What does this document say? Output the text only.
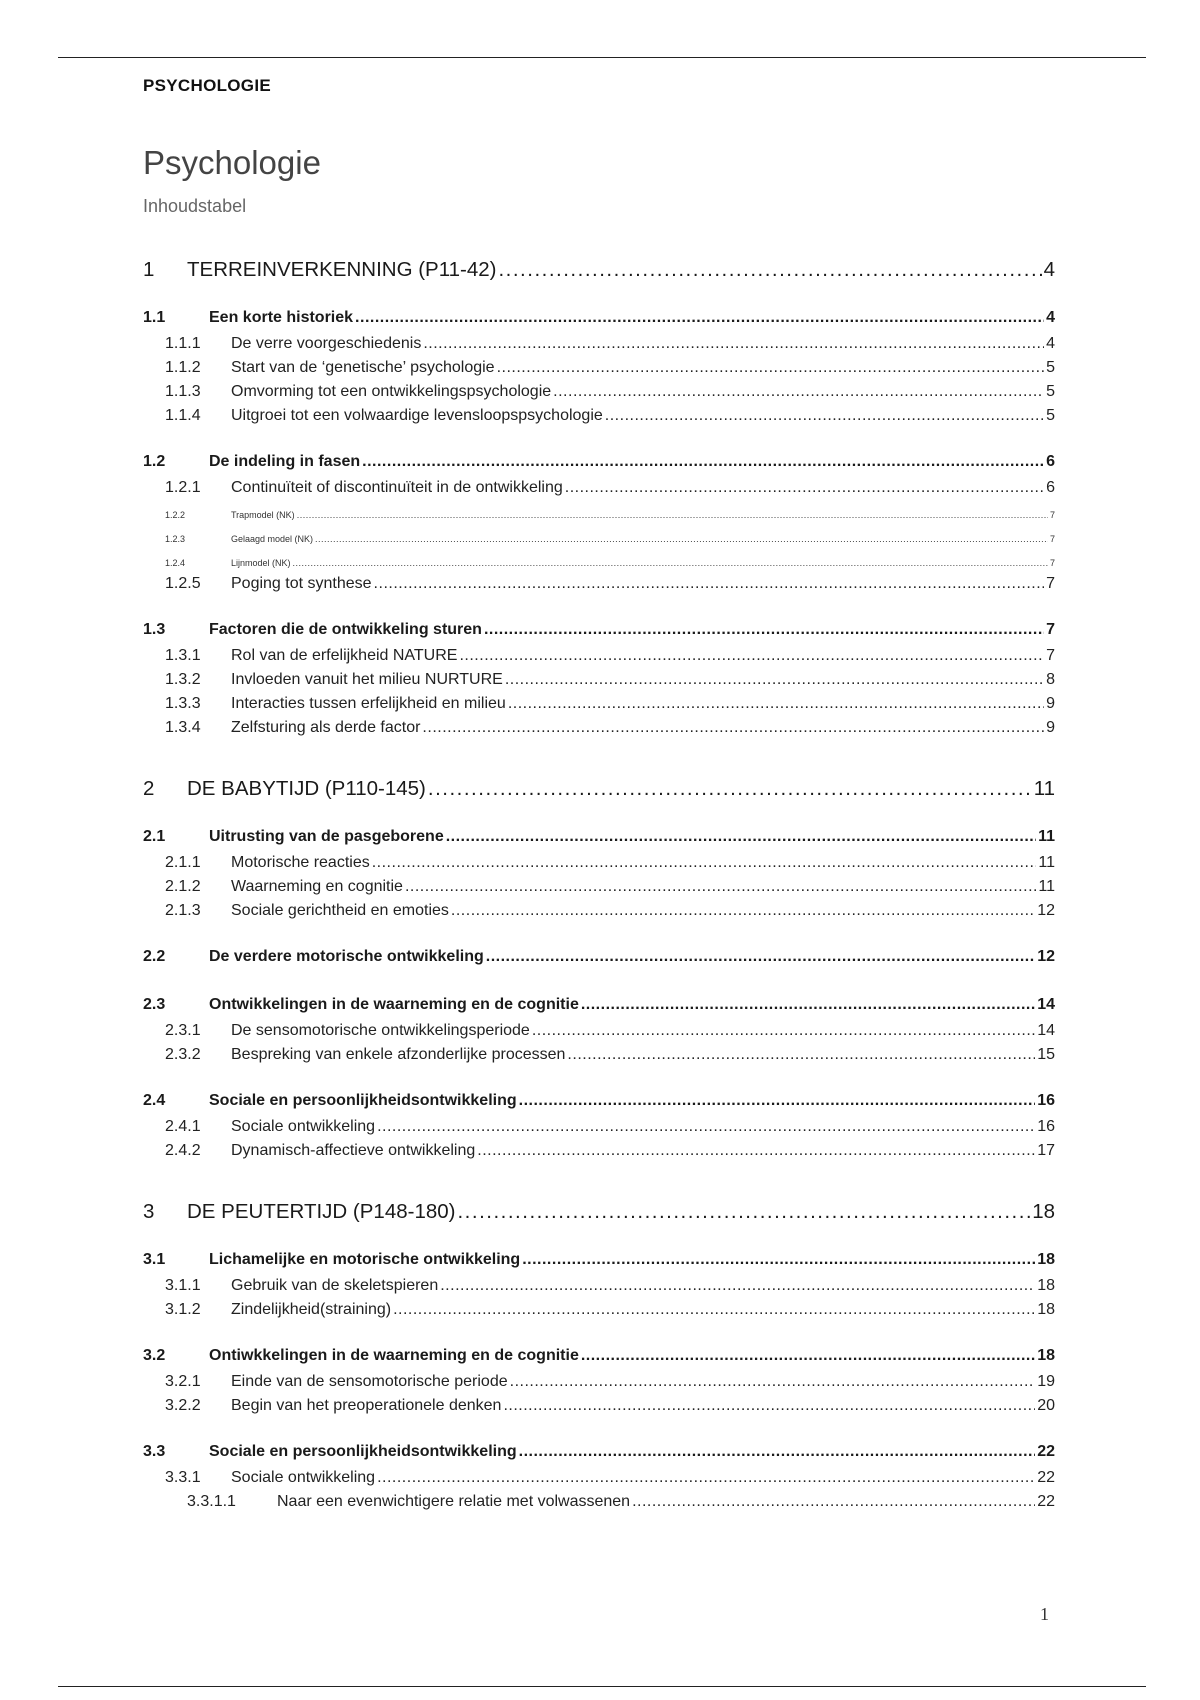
PSYCHOLOGIE
Psychologie
Inhoudstabel
1	TERREINVERKENNING (P11-42) .....	4
1.1	Een korte historiek .....	4
1.1.1	De verre voorgeschiedenis .....	4
1.1.2	Start van de ‘genetische’ psychologie .....	5
1.1.3	Omvorming tot een ontwikkelingspsychologie .....	5
1.1.4	Uitgroei tot een volwaardige levensloopspsychologie .....	5
1.2	De indeling in fasen .....	6
1.2.1	Continuïteit of discontinuïteit in de ontwikkeling .....	6
1.2.2	Trapmodel (NK) .....	7
1.2.3	Gelaagd model (NK) .....	7
1.2.4	Lijnmodel (NK) .....	7
1.2.5	Poging tot synthese .....	7
1.3	Factoren die de ontwikkeling sturen .....	7
1.3.1	Rol van de erfelijkheid NATURE .....	7
1.3.2	Invloeden vanuit het milieu NURTURE .....	8
1.3.3	Interacties tussen erfelijkheid en milieu .....	9
1.3.4	Zelfsturing als derde factor .....	9
2	DE BABYTIJD (P110-145) .....	11
2.1	Uitrusting van de pasgeborene .....	11
2.1.1	Motorische reacties .....	11
2.1.2	Waarneming en cognitie .....	11
2.1.3	Sociale gerichtheid en emoties .....	12
2.2	De verdere motorische ontwikkeling .....	12
2.3	Ontwikkelingen in de waarneming en de cognitie .....	14
2.3.1	De sensomotorische ontwikkelingsperiode .....	14
2.3.2	Bespreking van enkele afzonderlijke processen .....	15
2.4	Sociale en persoonlijkheidsontwikkeling .....	16
2.4.1	Sociale ontwikkeling .....	16
2.4.2	Dynamisch-affectieve ontwikkeling .....	17
3	DE PEUTERTIJD (P148-180) .....	18
3.1	Lichamelijke en motorische ontwikkeling .....	18
3.1.1	Gebruik van de skeletspieren .....	18
3.1.2	Zindelijkheid(straining) .....	18
3.2	Ontiwkkelingen in de waarneming en de cognitie .....	18
3.2.1	Einde van de sensomotorische periode .....	19
3.2.2	Begin van het preoperationele denken .....	20
3.3	Sociale en persoonlijkheidsontwikkeling .....	22
3.3.1	Sociale ontwikkeling .....	22
3.3.1.1	Naar een evenwichtigere relatie met volwassenen .....	22
1
